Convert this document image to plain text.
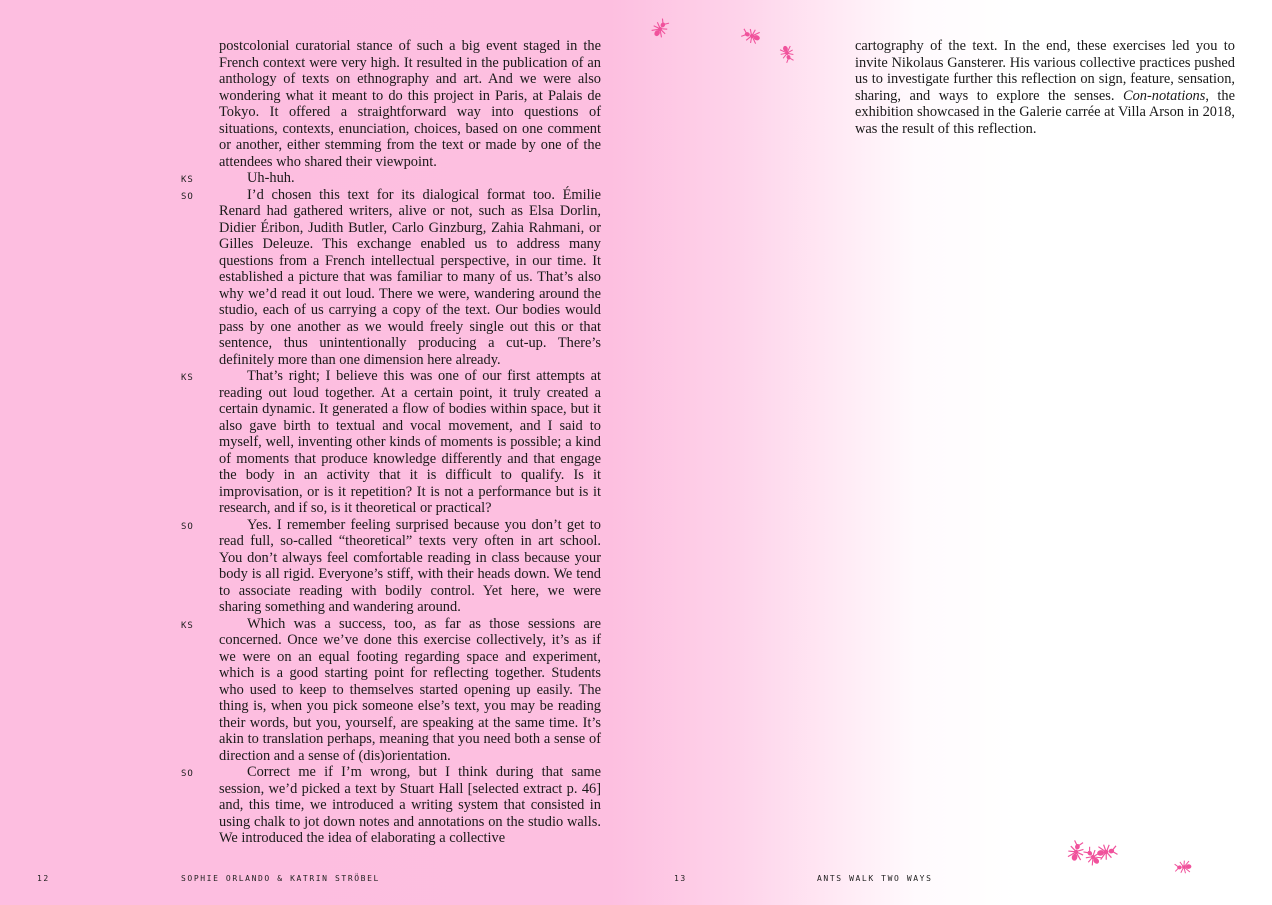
postcolonial curatorial stance of such a big event staged in the French context were very high. It resulted in the publication of an anthology of texts on ethnography and art. And we were also wondering what it meant to do this project in Paris, at Palais de Tokyo. It offered a straightforward way into questions of situations, contexts, enunciation, choices, based on one comment or another, either stemming from the text or made by one of the attendees who shared their viewpoint.

KS	Uh-huh.

SO	I’d chosen this text for its dialogical format too. Émilie Renard had gathered writers, alive or not, such as Elsa Dorlin, Didier Éribon, Judith Butler, Carlo Ginzburg, Zahia Rahmani, or Gilles Deleuze. This exchange enabled us to address many questions from a French intellectual perspective, in our time. It established a picture that was familiar to many of us. That’s also why we’d read it out loud. There we were, wandering around the studio, each of us carrying a copy of the text. Our bodies would pass by one another as we would freely single out this or that sentence, thus unintentionally producing a cut-up. There’s definitely more than one dimension here already.

KS	That’s right; I believe this was one of our first attempts at reading out loud together. At a certain point, it truly created a certain dynamic. It generated a flow of bodies within space, but it also gave birth to textual and vocal movement, and I said to myself, well, inventing other kinds of moments is possible; a kind of moments that produce knowledge differently and that engage the body in an activity that it is difficult to qualify. Is it improvisation, or is it repetition? It is not a performance but is it research, and if so, is it theoretical or practical?

SO	Yes. I remember feeling surprised because you don’t get to read full, so-called “theoretical” texts very often in art school. You don’t always feel comfortable reading in class because your body is all rigid. Everyone’s stiff, with their heads down. We tend to associate reading with bodily control. Yet here, we were sharing something and wandering around.

KS	Which was a success, too, as far as those sessions are concerned. Once we’ve done this exercise collectively, it’s as if we were on an equal footing regarding space and experiment, which is a good starting point for reflecting together. Students who used to keep to themselves started opening up easily. The thing is, when you pick someone else’s text, you may be reading their words, but you, yourself, are speaking at the same time. It’s akin to translation perhaps, meaning that you need both a sense of direction and a sense of (dis)orientation.

SO	Correct me if I’m wrong, but I think during that same session, we’d picked a text by Stuart Hall [selected extract p. 46] and, this time, we introduced a writing system that consisted in using chalk to jot down notes and annotations on the studio walls. We introduced the idea of elaborating a collective

cartography of the text. In the end, these exercises led you to invite Nikolaus Gansterer. His various collective practices pushed us to investigate further this reflection on sign, feature, sensation, sharing, and ways to explore the senses. Con-notations, the exhibition showcased in the Galerie carrée at Villa Arson in 2018, was the result of this reflection.

12	SOPHIE ORLANDO & KATRIN STRÖBEL	13	ANTS WALK TWO WAYS
